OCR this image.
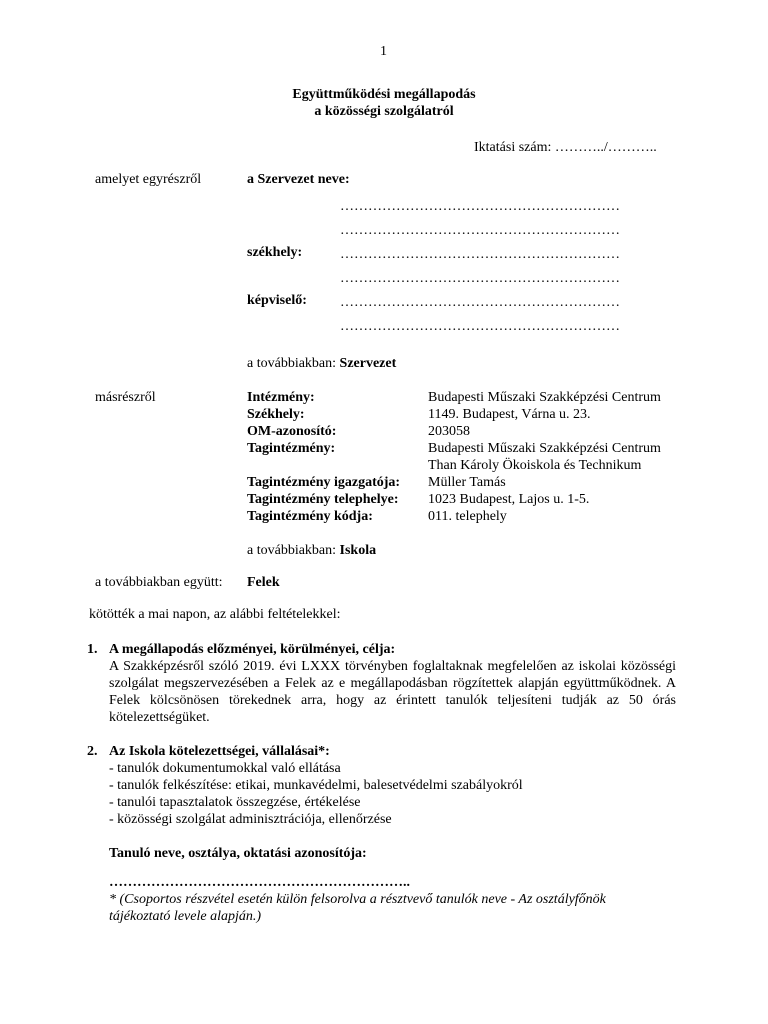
1
Együttműködési megállapodás
a közösségi szolgálatról
Iktatási szám: ………../………..
amelyet egyrészről	a Szervezet neve:
……………………………………………………
……………………………………………………
székhely:	……………………………………………………
……………………………………………………
képviselő: ……………………………………………………
……………………………………………………
a továbbiakban: Szervezet
másrészről	Intézmény:	Budapesti Műszaki Szakképzési Centrum
Székhely:	1149. Budapest, Várna u. 23.
OM-azonosító:	203058
Tagintézmény:	Budapesti Műszaki Szakképzési Centrum
Than Károly Ökoiskola és Technikum
Tagintézmény igazgatója: Müller Tamás
Tagintézmény telephelye: 1023 Budapest, Lajos u. 1-5.
Tagintézmény kódja:	011. telephely
a továbbiakban: Iskola
a továbbiakban együtt: Felek
kötötték a mai napon, az alábbi feltételekkel:
1. A megállapodás előzményei, körülményei, célja:
A Szakképzésről szóló 2019. évi LXXX törvényben foglaltaknak megfelelően az iskolai közösségi szolgálat megszervezésében a Felek az e megállapodásban rögzítettek alapján együttműködnek. A Felek kölcsönösen törekednek arra, hogy az érintett tanulók teljesíteni tudják az 50 órás kötelezettségüket.
2. Az Iskola kötelezettségei, vállalásai*:
- tanulók dokumentumokkal való ellátása
- tanulók felkészítése: etikai, munkavédelmi, balesetvédelmi szabályokról
- tanulói tapasztalatok összegzése, értékelése
- közösségi szolgálat adminisztrációja, ellenőrzése
Tanuló neve, osztálya, oktatási azonosítója:
………………………………………………………..
* (Csoportos részvétel esetén külön felsorolva a résztvevő tanulók neve - Az osztályfőnök
tájékoztató levele alapján.)
